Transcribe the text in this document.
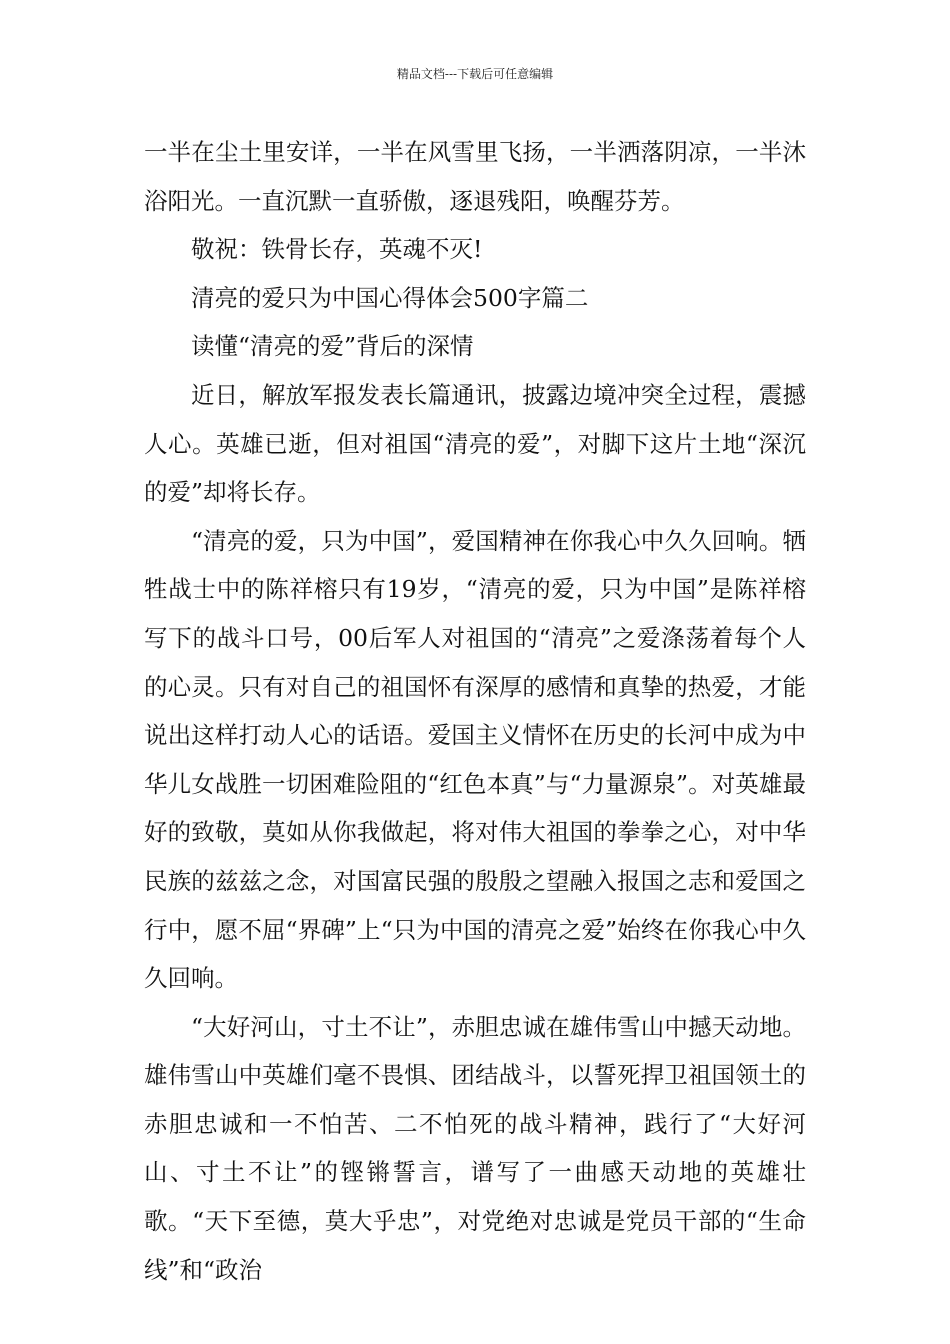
精品文档---下载后可任意编辑

一半在尘土里安详，一半在风雪里飞扬，一半洒落阴凉，一半沐浴阳光。一直沉默一直骄傲，逐退残阳，唤醒芬芳。

敬祝：铁骨长存，英魂不灭!

清亮的爱只为中国心得体会500字篇二

读懂“清亮的爱”背后的深情

近日，解放军报发表长篇通讯，披露边境冲突全过程，震撼人心。英雄已逝，但对祖国“清亮的爱”，对脚下这片土地“深沉的爱”却将长存。

“清亮的爱，只为中国”，爱国精神在你我心中久久回响。牺牲战士中的陈祥榕只有19岁，“清亮的爱，只为中国”是陈祥榕写下的战斗口号，00后军人对祖国的“清亮”之爱涤荡着每个人的心灵。只有对自己的祖国怀有深厚的感情和真挚的热爱，才能说出这样打动人心的话语。爱国主义情怀在历史的长河中成为中华儿女战胜一切困难险阻的“红色本真”与“力量源泉”。对英雄最好的致敬，莫如从你我做起，将对伟大祖国的拳拳之心，对中华民族的兹兹之念，对国富民强的殷殷之望融入报国之志和爱国之行中，愿不屈“界碑”上“只为中国的清亮之爱”始终在你我心中久久回响。

“大好河山，寸土不让”，赤胆忠诚在雄伟雪山中撼天动地。雄伟雪山中英雄们毫不畏惧、团结战斗，以誓死捍卫祖国领土的赤胆忠诚和一不怕苦、二不怕死的战斗精神，践行了“大好河山、寸土不让”的铿锵誓言，谱写了一曲感天动地的英雄壮歌。“天下至德，莫大乎忠”，对党绝对忠诚是党员干部的“生命线”和“政治
